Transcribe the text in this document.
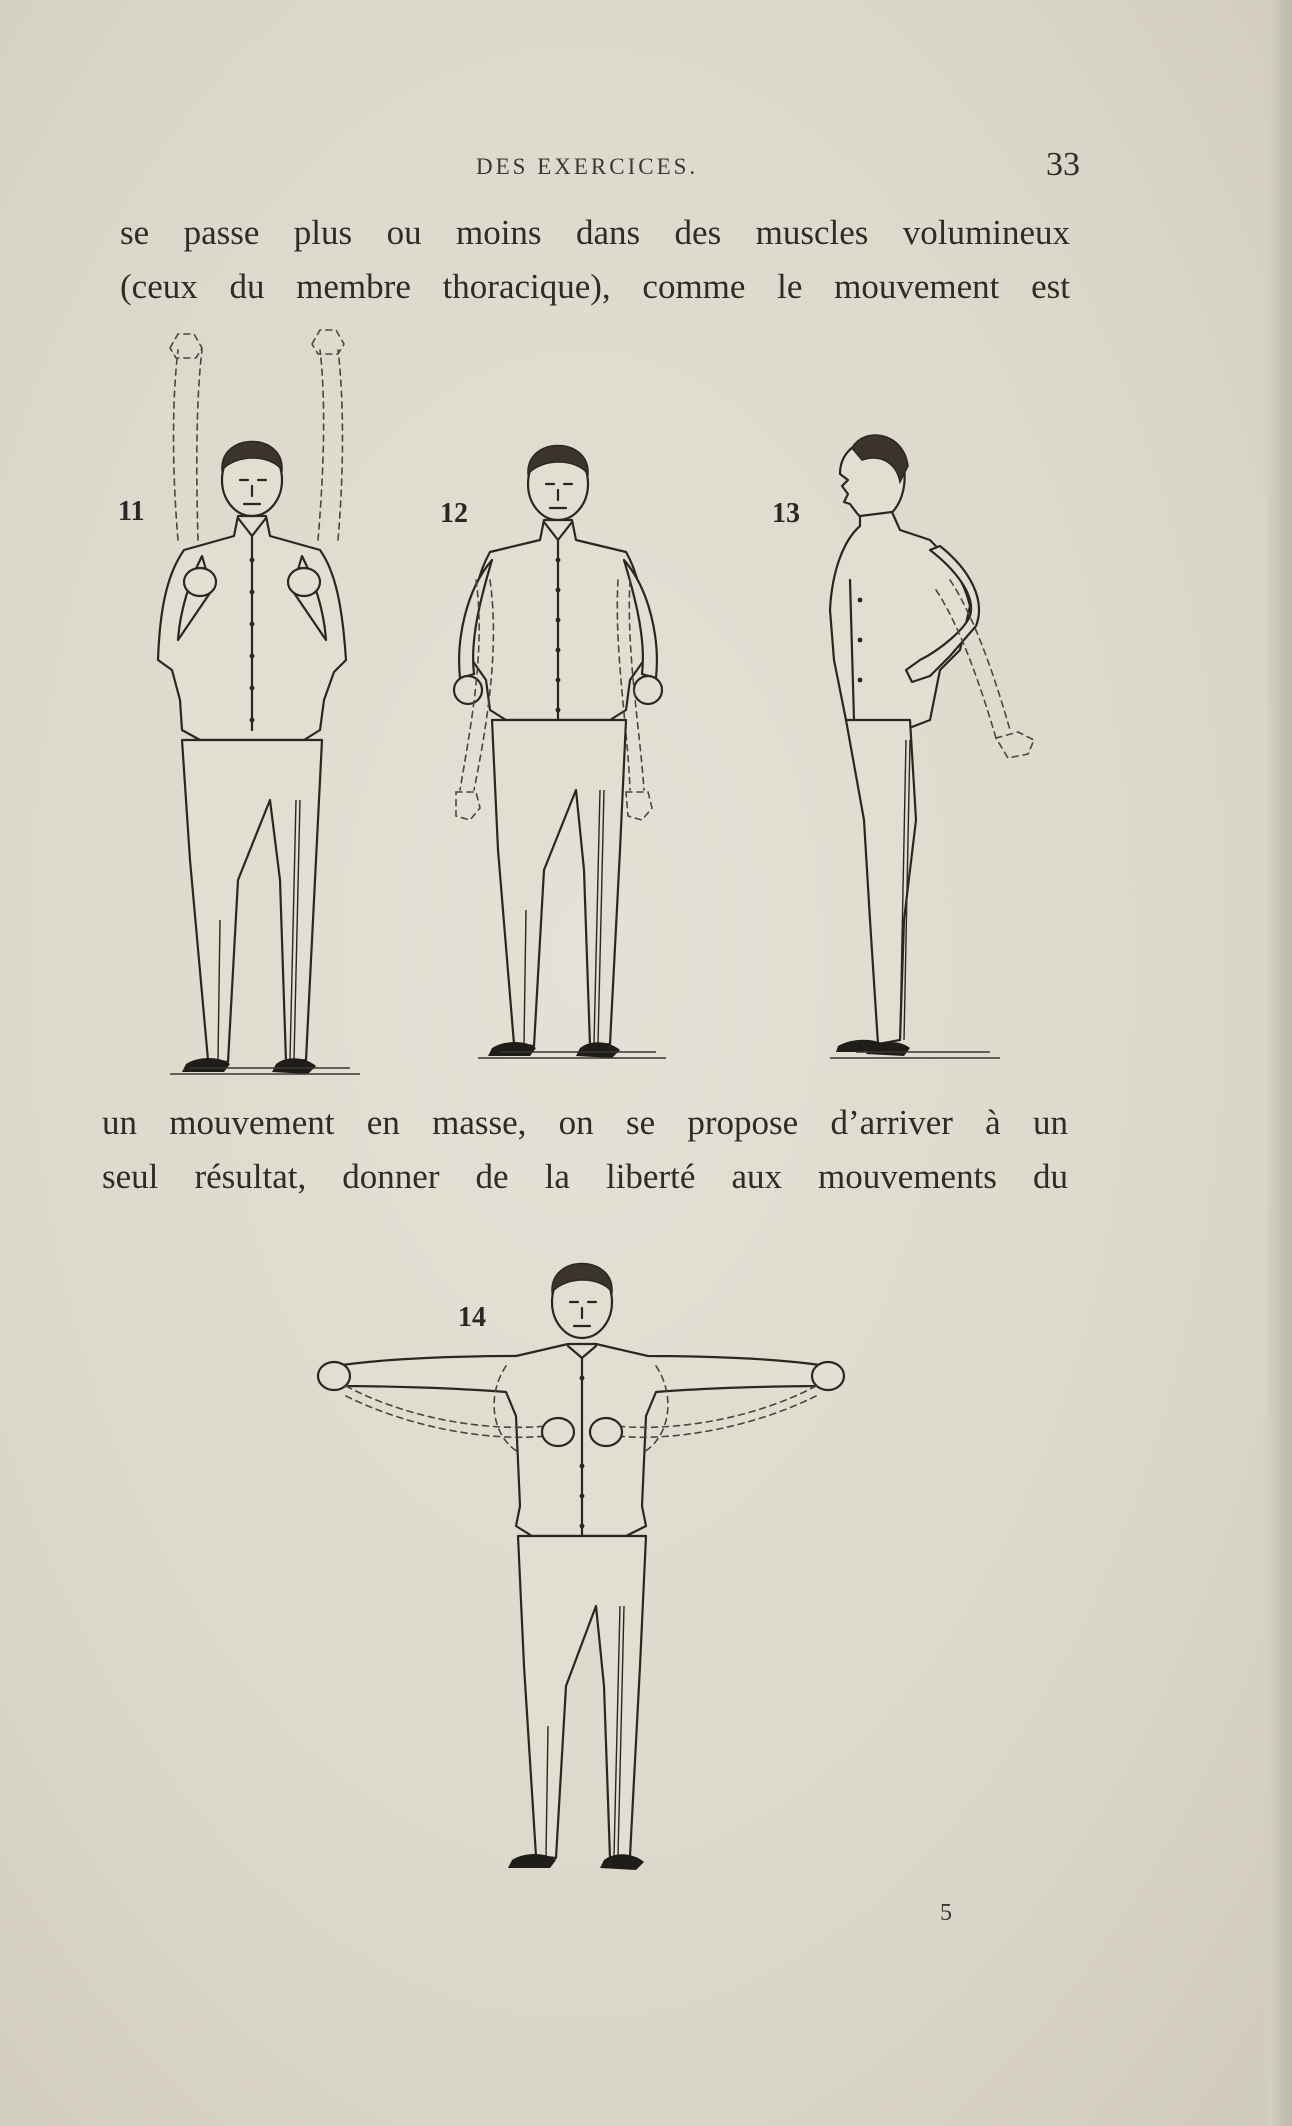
DES EXERCICES.	33
se passe plus ou moins dans des muscles volumineux
(ceux du membre thoracique), comme le mouvement est
11	12	13
un mouvement en masse, on se propose d’arriver à un
seul résultat, donner de la liberté aux mouvements du
14
5
